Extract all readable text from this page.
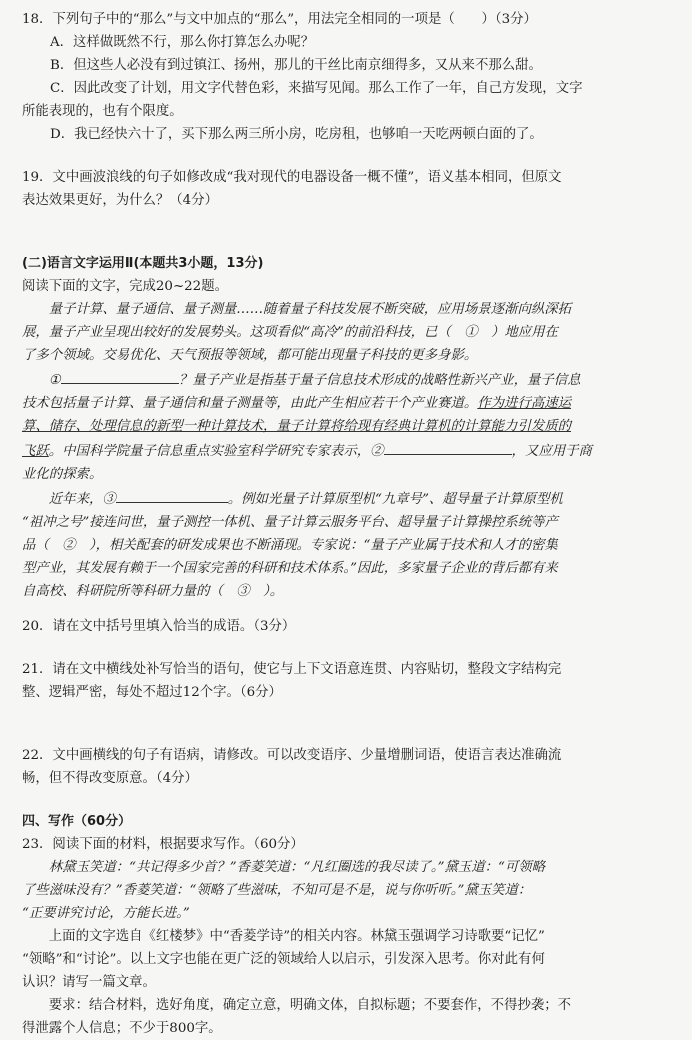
18．下列句子中的“那么”与文中加点的“那么”，用法完全相同的一项是（　　）（3分）

A．这样做既然不行，那么你打算怎么办呢？

B．但这些人必没有到过镇江、扬州，那儿的干丝比南京细得多，又从来不那么甜。

C．因此改变了计划，用文字代替色彩，来描写见闻。那么工作了一年，自己方发现，文字

所能表现的，也有个限度。

D．我已经快六十了，买下那么两三所小房，吃房租，也够咱一天吃两顿白面的了。

19．文中画波浪线的句子如修改成“我对现代的电器设备一概不懂”，语义基本相同，但原文

表达效果更好，为什么？（4分）

(二)语言文字运用Ⅱ(本题共3小题，13分)

阅读下面的文字，完成20~22题。

量子计算、量子通信、量子测量……随着量子科技发展不断突破，应用场景逐渐向纵深拓

展，量子产业呈现出较好的发展势头。这项看似“高冷”的前沿科技，已（　①　）地应用在

了多个领域。交易优化、天气预报等领域，都可能出现量子科技的更多身影。

①	？量子产业是指基于量子信息技术形成的战略性新兴产业，量子信息

技术包括量子计算、量子通信和量子测量等，由此产生相应若干个产业赛道。作为进行高速运

算、储存、处理信息的新型一种计算技术，量子计算将给现有经典计算机的计算能力引发质的

飞跃。中国科学院量子信息重点实验室科学研究专家表示，②	，又应用于商

业化的探索。

近年来，③	。例如光量子计算原型机“九章号”、超导量子计算原型机

“祖冲之号”接连问世，量子测控一体机、量子计算云服务平台、超导量子计算操控系统等产

品（　②　），相关配套的研发成果也不断涌现。专家说：“量子产业属于技术和人才的密集

型产业，其发展有赖于一个国家完善的科研和技术体系。”因此，多家量子企业的背后都有来

自高校、科研院所等科研力量的（　③　）。

20．请在文中括号里填入恰当的成语。（3分）

21．请在文中横线处补写恰当的语句，使它与上下文语意连贯、内容贴切，整段文字结构完

整、逻辑严密，每处不超过12个字。（6分）

22．文中画横线的句子有语病，请修改。可以改变语序、少量增删词语，使语言表达准确流

畅，但不得改变原意。（4分）

四、写作（60分）

23．阅读下面的材料，根据要求写作。（60分）

林黛玉笑道：“共记得多少首？”香菱笑道：“凡红圈选的我尽读了。”黛玉道：“可领略

了些滋味没有？”香菱笑道：“领略了些滋味，不知可是不是，说与你听听。”黛玉笑道：

“正要讲究讨论，方能长进。”

上面的文字选自《红楼梦》中“香菱学诗”的相关内容。林黛玉强调学习诗歌要“记忆”

“领略”和“讨论”。以上文字也能在更广泛的领域给人以启示，引发深入思考。你对此有何

认识？请写一篇文章。

要求：结合材料，选好角度，确定立意，明确文体，自拟标题；不要套作，不得抄袭；不

得泄露个人信息；不少于800字。
